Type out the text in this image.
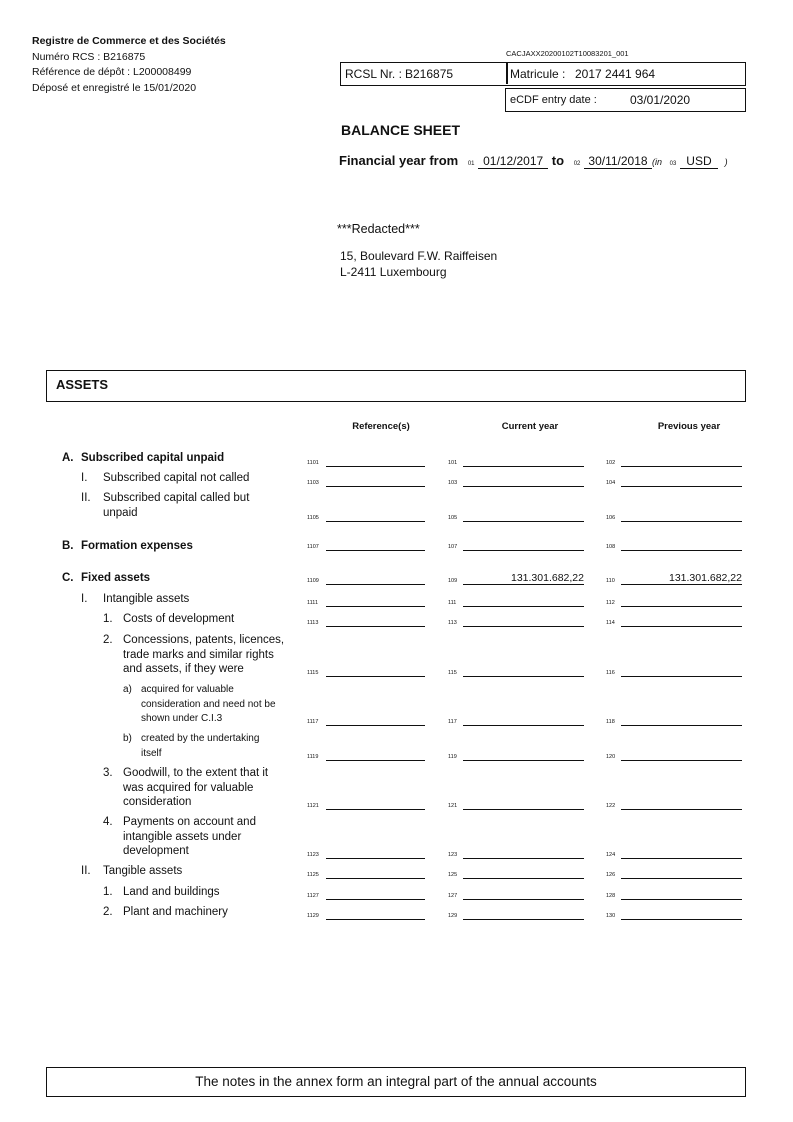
Registre de Commerce et des Sociétés
Numéro RCS : B216875
Référence de dépôt : L200008499
Déposé et enregistré le 15/01/2020
CACJAXX20200102T10083201_001
RCSL Nr. : B216875	Matricule : 2017 2441 964
eCDF entry date :	03/01/2020
BALANCE SHEET
Financial year from 01 01/12/2017 to 02 30/11/2018 (in 03 USD )
***Redacted***
15, Boulevard F.W. Raiffeisen
L-2411 Luxembourg
ASSETS
Reference(s)	Current year	Previous year
A. Subscribed capital unpaid	1101	101	102
I. Subscribed capital not called	1103	103	104
II. Subscribed capital called but unpaid	1105	105	106
B. Formation expenses	1107	107	108
C. Fixed assets	1109	109	131.301.682,22	110	131.301.682,22
I. Intangible assets	1111	111	112
1. Costs of development	1113	113	114
2. Concessions, patents, licences, trade marks and similar rights and assets, if they were	1115	115	116
a) acquired for valuable consideration and need not be shown under C.I.3	1117	117	118
b) created by the undertaking itself	1119	119	120
3. Goodwill, to the extent that it was acquired for valuable consideration	1121	121	122
4. Payments on account and intangible assets under development	1123	123	124
II. Tangible assets	1125	125	126
1. Land and buildings	1127	127	128
2. Plant and machinery	1129	129	130
The notes in the annex form an integral part of the annual accounts
